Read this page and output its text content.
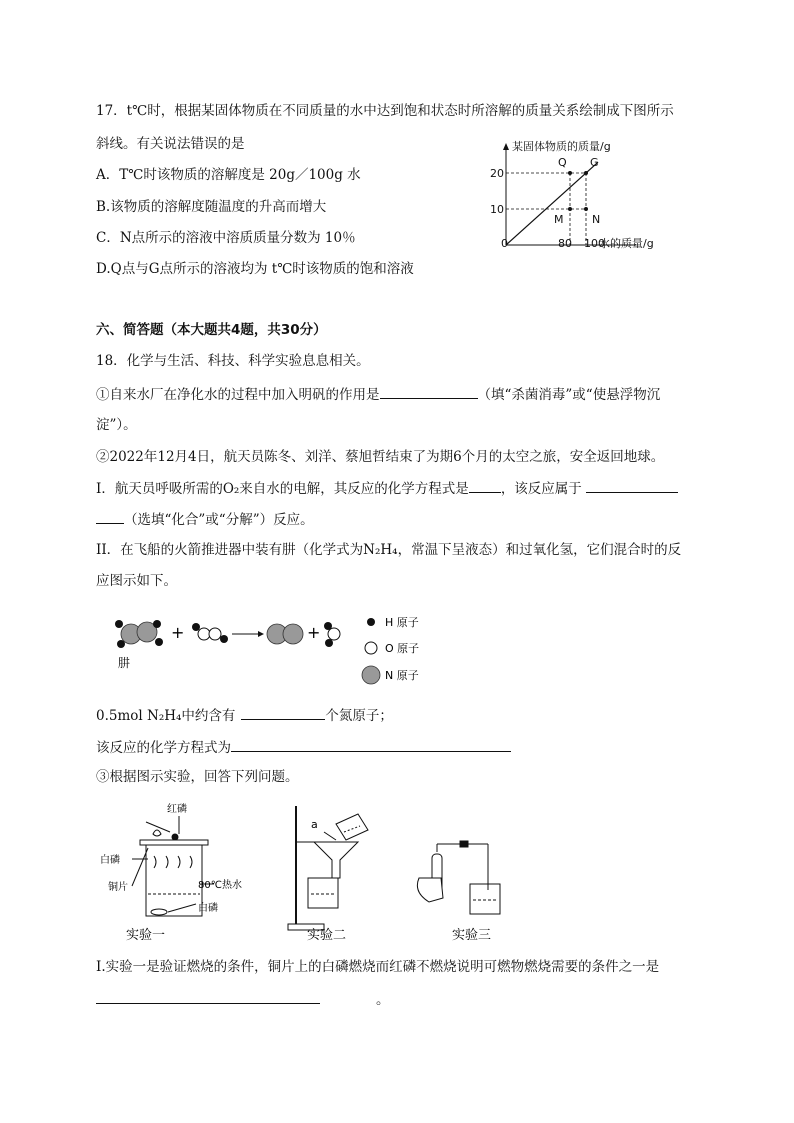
17．t℃时，根据某固体物质在不同质量的水中达到饱和状态时所溶解的质量关系绘制成下图所示
斜线。有关说法错误的是
A．T℃时该物质的溶解度是 20g／100g 水
B.该物质的溶解度随温度的升高而增大
C．N点所示的溶液中溶质质量分数为 10％
D.Q点与G点所示的溶液均为 t℃时该物质的饱和溶液
某固体物质的质量/g
水的质量/g
0
10
20
80 100
Q G
M	N
六、简答题（本大题共4题，共30分）
18．化学与生活、科技、科学实验息息相关。
①自来水厂在净化水的过程中加入明矾的作用是	（填“杀菌消毒”或“使悬浮物沉
淀”）。
②2022年12月4日，航天员陈冬、刘洋、蔡旭哲结束了为期6个月的太空之旅，安全返回地球。
I．航天员呼吸所需的O₂来自水的电解，其反应的化学方程式是 ，该反应属于
（选填“化合”或“分解”）反应。
II．在飞船的火箭推进器中装有肼（化学式为N₂H₄，常温下呈液态）和过氧化氢，它们混合时的反
应图示如下。
+	+
肼
H 原子
O 原子
N 原子
0.5mol N₂H₄中约含有	个氮原子；
该反应的化学方程式为
③根据图示实验，回答下列问题。
红磷
白磷
铜片	80℃热水
白磷
a
实验一	实验二	实验三
I.实验一是验证燃烧的条件，铜片上的白磷燃烧而红磷不燃烧说明可燃物燃烧需要的条件之一是
。
